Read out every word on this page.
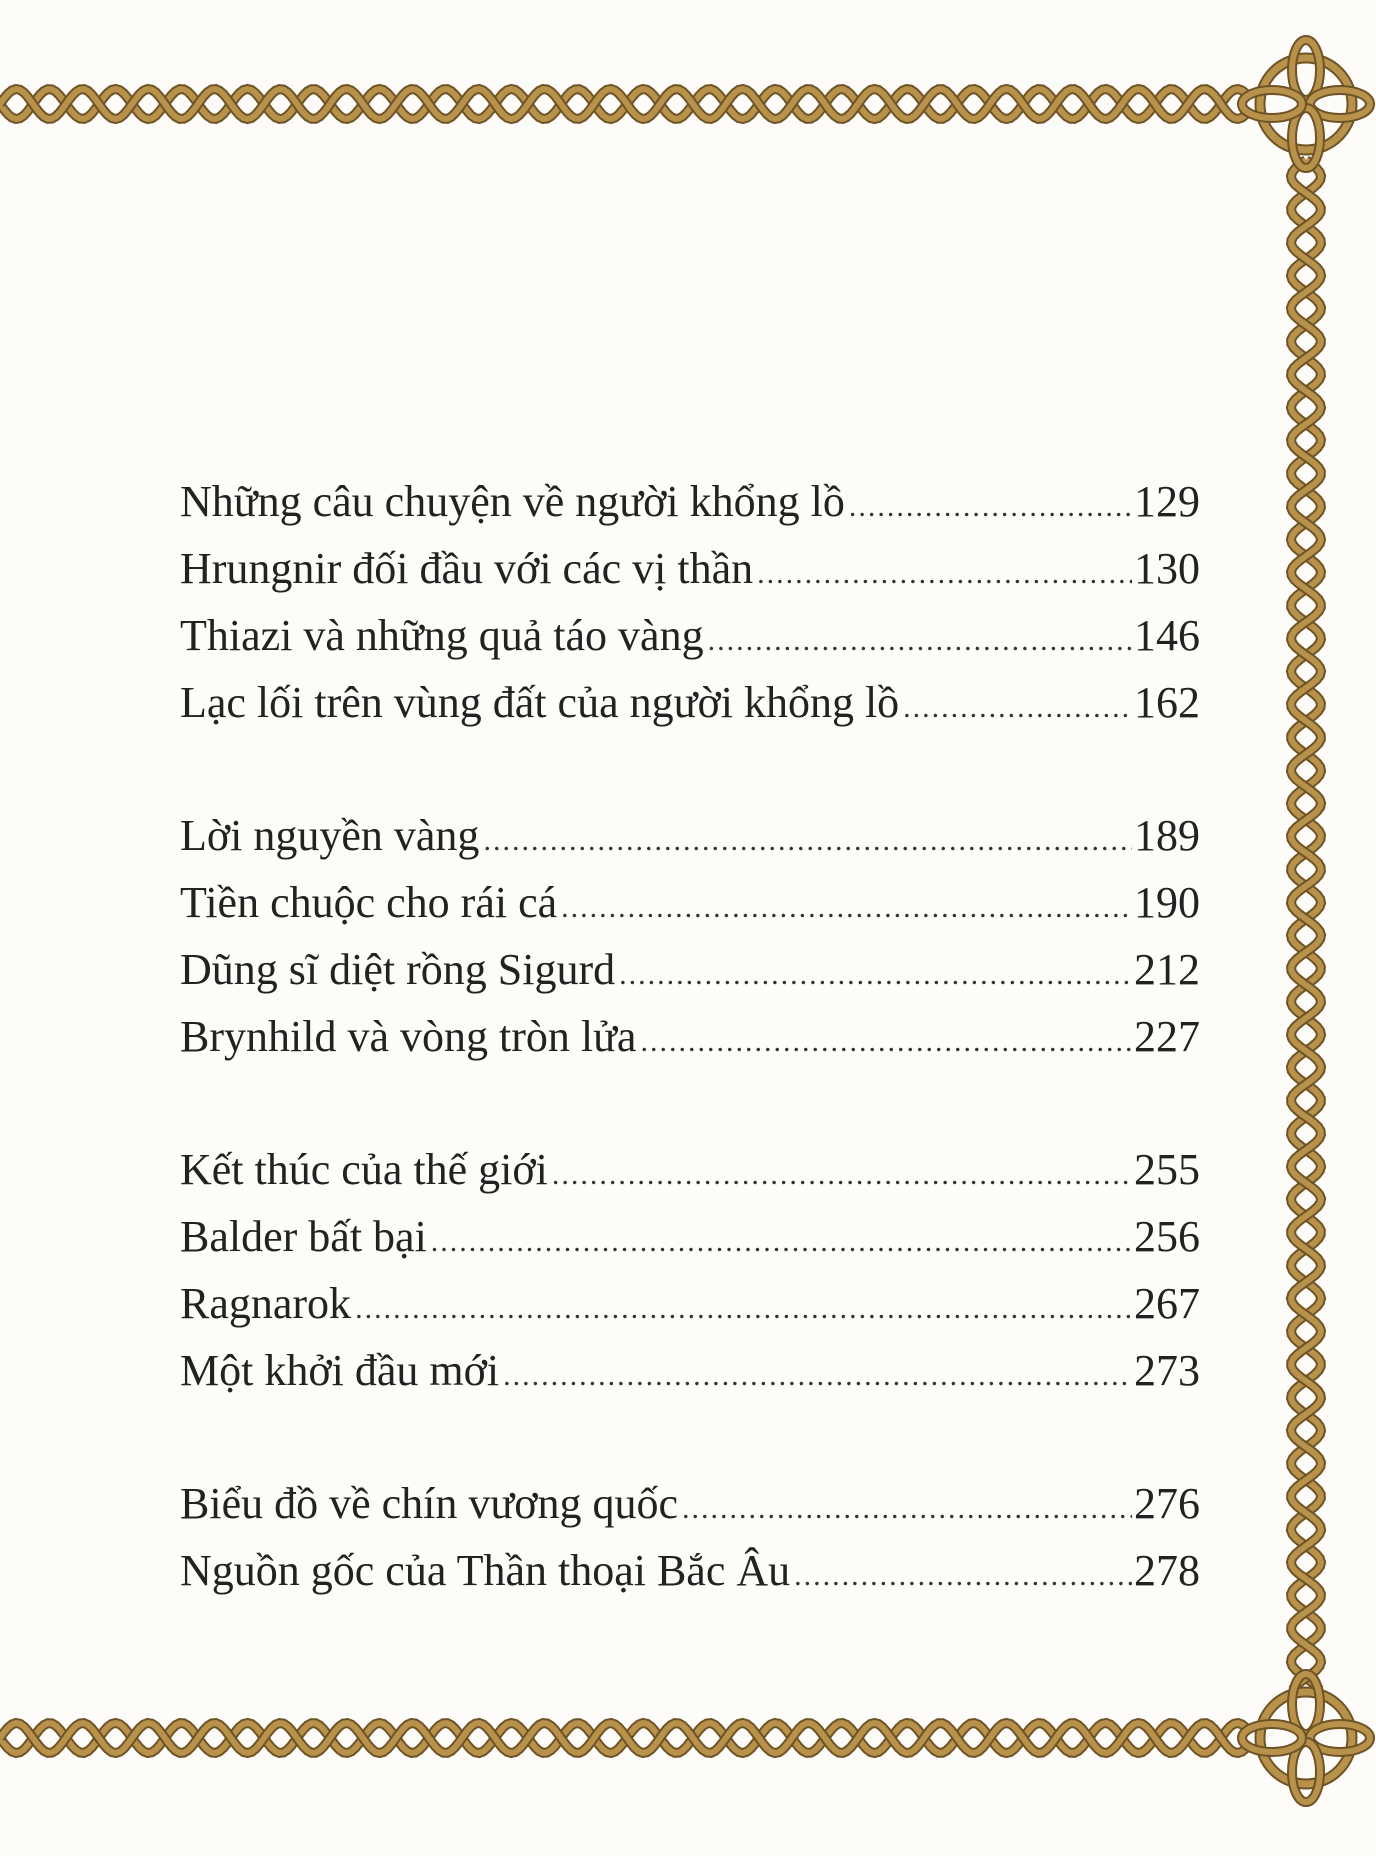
Những câu chuyện về người khổng lồ .....	129
Hrungnir đối đầu với các vị thần .....	130
Thiazi và những quả táo vàng .....	146
Lạc lối trên vùng đất của người khổng lồ .....	162
Lời nguyền vàng .....	189
Tiền chuộc cho rái cá .....	190
Dũng sĩ diệt rồng Sigurd .....	212
Brynhild và vòng tròn lửa .....	227
Kết thúc của thế giới .....	255
Balder bất bại .....	256
Ragnarok .....	267
Một khởi đầu mới .....	273
Biểu đồ về chín vương quốc .....	276
Nguồn gốc của Thần thoại Bắc Âu .....	278
